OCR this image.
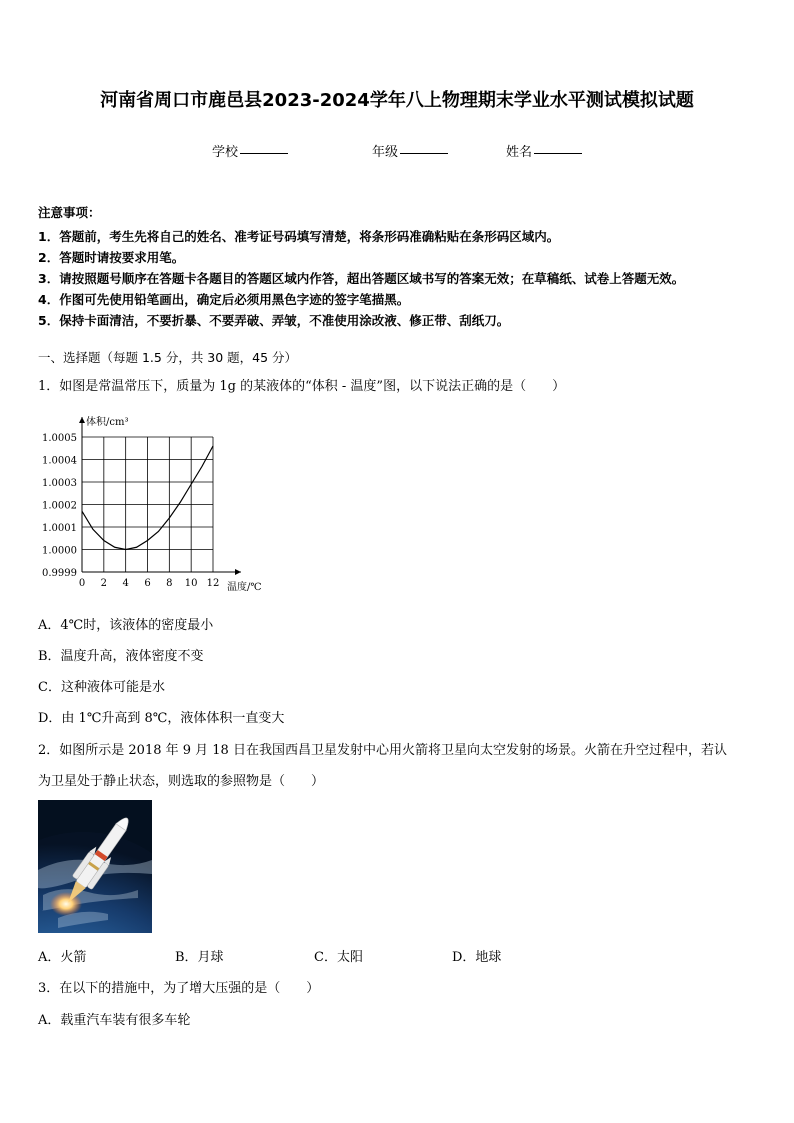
河南省周口市鹿邑县2023-2024学年八上物理期末学业水平测试模拟试题
学校	年级	姓名
注意事项：
1．答题前，考生先将自己的姓名、准考证号码填写清楚，将条形码准确粘贴在条形码区域内。
2．答题时请按要求用笔。
3．请按照题号顺序在答题卡各题目的答题区域内作答，超出答题区域书写的答案无效；在草稿纸、试卷上答题无效。
4．作图可先使用铅笔画出，确定后必须用黑色字迹的签字笔描黑。
5．保持卡面清洁，不要折暴、不要弄破、弄皱，不准使用涂改液、修正带、刮纸刀。
一、选择题（每题 1.5 分，共 30 题，45 分）
1．如图是常温常压下，质量为 1g 的某液体的“体积 - 温度”图，以下说法正确的是（　　）
0 2 4 6 8 10 12
0.9999
1.0000
1.0001
1.0002
1.0003
1.0004
1.0005
体积/cm³
温度/℃
A．4℃时，该液体的密度最小
B．温度升高，液体密度不变
C．这种液体可能是水
D．由 1℃升高到 8℃，液体体积一直变大
2．如图所示是 2018 年 9 月 18 日在我国西昌卫星发射中心用火箭将卫星向太空发射的场景。火箭在升空过程中，若认
为卫星处于静止状态，则选取的参照物是（　　）
A．火箭	B．月球	C．太阳	D．地球
3．在以下的措施中，为了增大压强的是（　　）
A．载重汽车装有很多车轮
